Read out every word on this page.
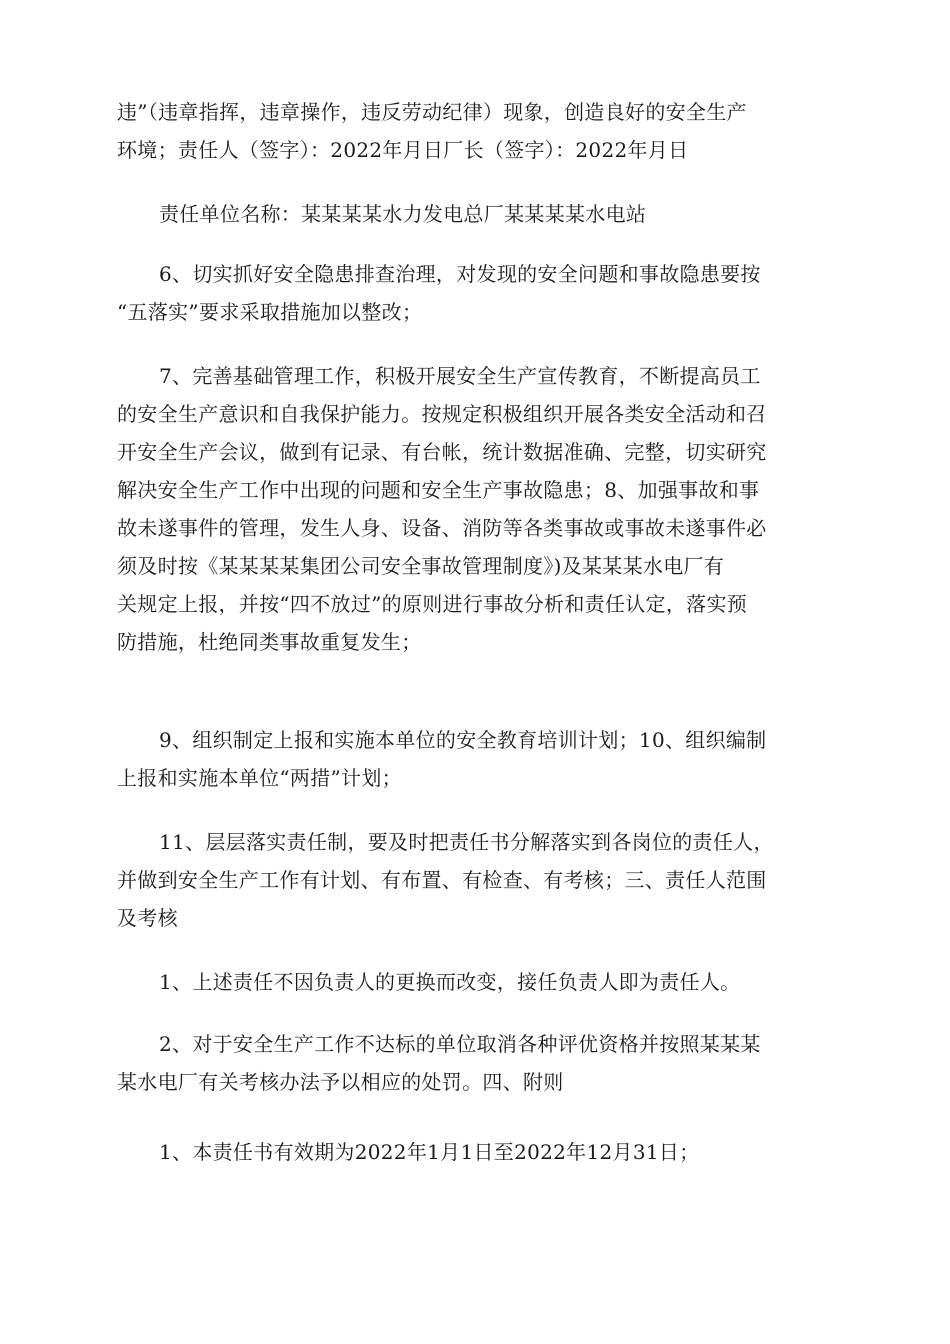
违”（违章指挥，违章操作，违反劳动纪律）现象，创造良好的安全生产
环境；责任人（签字）：2022年月日厂长（签字）：2022年月日
责任单位名称：某某某某水力发电总厂某某某某水电站
6、切实抓好安全隐患排查治理，对发现的安全问题和事故隐患要按
“五落实”要求采取措施加以整改；
7、完善基础管理工作，积极开展安全生产宣传教育，不断提高员工
的安全生产意识和自我保护能力。按规定积极组织开展各类安全活动和召
开安全生产会议，做到有记录、有台帐，统计数据准确、完整，切实研究
解决安全生产工作中出现的问题和安全生产事故隐患；8、加强事故和事
故未遂事件的管理，发生人身、设备、消防等各类事故或事故未遂事件必
须及时按《某某某某集团公司安全事故管理制度》)及某某某水电厂有
关规定上报，并按“四不放过”的原则进行事故分析和责任认定，落实预
防措施，杜绝同类事故重复发生；
9、组织制定上报和实施本单位的安全教育培训计划；10、组织编制
上报和实施本单位“两措”计划；
11、层层落实责任制，要及时把责任书分解落实到各岗位的责任人，
并做到安全生产工作有计划、有布置、有检查、有考核；三、责任人范围
及考核
1、上述责任不因负责人的更换而改变，接任负责人即为责任人。
2、对于安全生产工作不达标的单位取消各种评优资格并按照某某某
某水电厂有关考核办法予以相应的处罚。四、附则
1、本责任书有效期为2022年1月1日至2022年12月31日；
